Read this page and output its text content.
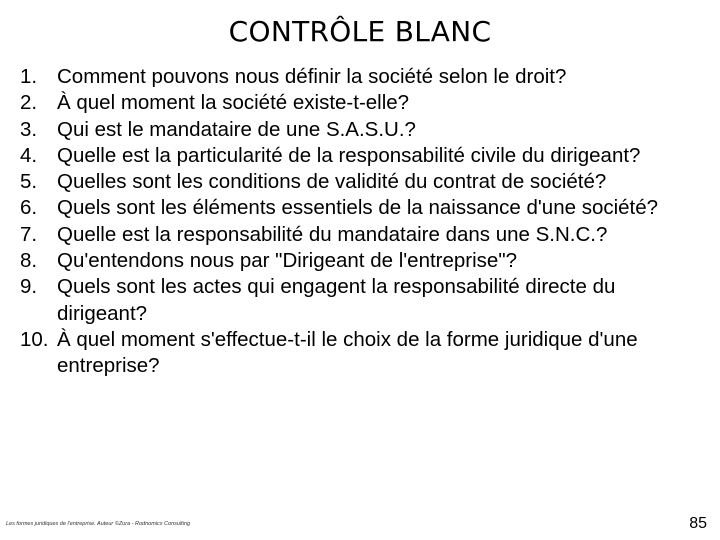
CONTRÔLE BLANC
1. Comment pouvons nous définir la société selon le droit?
2. À quel moment la société existe-t-elle?
3. Qui est le mandataire de une S.A.S.U.?
4. Quelle est la particularité de la responsabilité civile du dirigeant?
5. Quelles sont les conditions de validité du contrat de société?
6. Quels sont les éléments essentiels de la naissance d'une société?
7. Quelle est la responsabilité du mandataire dans une S.N.C.?
8. Qu'entendons nous par "Dirigeant de l'entreprise"?
9. Quels sont les actes qui engagent la responsabilité directe du dirigeant?
10. À quel moment s'effectue-t-il le choix de la forme juridique d'une entreprise?
Les formes juridiques de l'entreprise. Auteur ©Zura - Rodnomics Consulting	85
